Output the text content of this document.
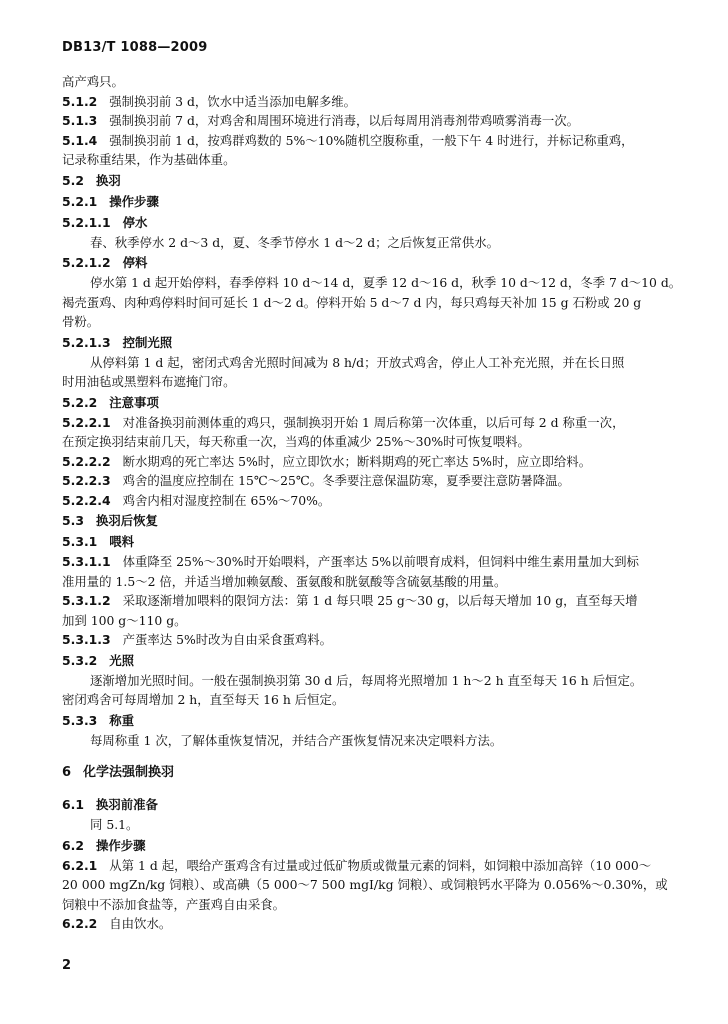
DB13/T 1088—2009
高产鸡只。
5.1.2 强制换羽前 3 d，饮水中适当添加电解多维。
5.1.3 强制换羽前 7 d，对鸡舍和周围环境进行消毒，以后每周用消毒剂带鸡喷雾消毒一次。
5.1.4 强制换羽前 1 d，按鸡群鸡数的 5%～10%随机空腹称重，一般下午 4 时进行，并标记称重鸡，
记录称重结果，作为基础体重。
5.2 换羽
5.2.1 操作步骤
5.2.1.1 停水
春、秋季停水 2 d～3 d，夏、冬季节停水 1 d～2 d；之后恢复正常供水。
5.2.1.2 停料
停水第 1 d 起开始停料，春季停料 10 d～14 d，夏季 12 d～16 d，秋季 10 d～12 d，冬季 7 d～10 d。
褐壳蛋鸡、肉种鸡停料时间可延长 1 d～2 d。停料开始 5 d～7 d 内，每只鸡每天补加 15 g 石粉或 20 g
骨粉。
5.2.1.3 控制光照
从停料第 1 d 起，密闭式鸡舍光照时间减为 8 h/d；开放式鸡舍，停止人工补充光照，并在长日照
时用油毡或黑塑料布遮掩门帘。
5.2.2 注意事项
5.2.2.1 对准备换羽前测体重的鸡只，强制换羽开始 1 周后称第一次体重，以后可每 2 d 称重一次，
在预定换羽结束前几天，每天称重一次，当鸡的体重减少 25%～30%时可恢复喂料。
5.2.2.2 断水期鸡的死亡率达 5%时，应立即饮水；断料期鸡的死亡率达 5%时，应立即给料。
5.2.2.3 鸡舍的温度应控制在 15℃～25℃。冬季要注意保温防寒，夏季要注意防暑降温。
5.2.2.4 鸡舍内相对湿度控制在 65%～70%。
5.3 换羽后恢复
5.3.1 喂料
5.3.1.1 体重降至 25%～30%时开始喂料，产蛋率达 5%以前喂育成料，但饲料中维生素用量加大到标
准用量的 1.5～2 倍，并适当增加赖氨酸、蛋氨酸和胱氨酸等含硫氨基酸的用量。
5.3.1.2 采取逐渐增加喂料的限饲方法：第 1 d 每只喂 25 g～30 g，以后每天增加 10 g，直至每天增
加到 100 g～110 g。
5.3.1.3 产蛋率达 5%时改为自由采食蛋鸡料。
5.3.2 光照
逐渐增加光照时间。一般在强制换羽第 30 d 后，每周将光照增加 1 h～2 h 直至每天 16 h 后恒定。
密闭鸡舍可每周增加 2 h，直至每天 16 h 后恒定。
5.3.3 称重
每周称重 1 次，了解体重恢复情况，并结合产蛋恢复情况来决定喂料方法。
6 化学法强制换羽
6.1 换羽前准备
同 5.1。
6.2 操作步骤
6.2.1 从第 1 d 起，喂给产蛋鸡含有过量或过低矿物质或微量元素的饲料，如饲粮中添加高锌（10 000～
20 000 mgZn/kg 饲粮）、或高碘（5 000～7 500 mgI/kg 饲粮）、或饲粮钙水平降为 0.056%～0.30%，或
饲粮中不添加食盐等，产蛋鸡自由采食。
6.2.2 自由饮水。
2
